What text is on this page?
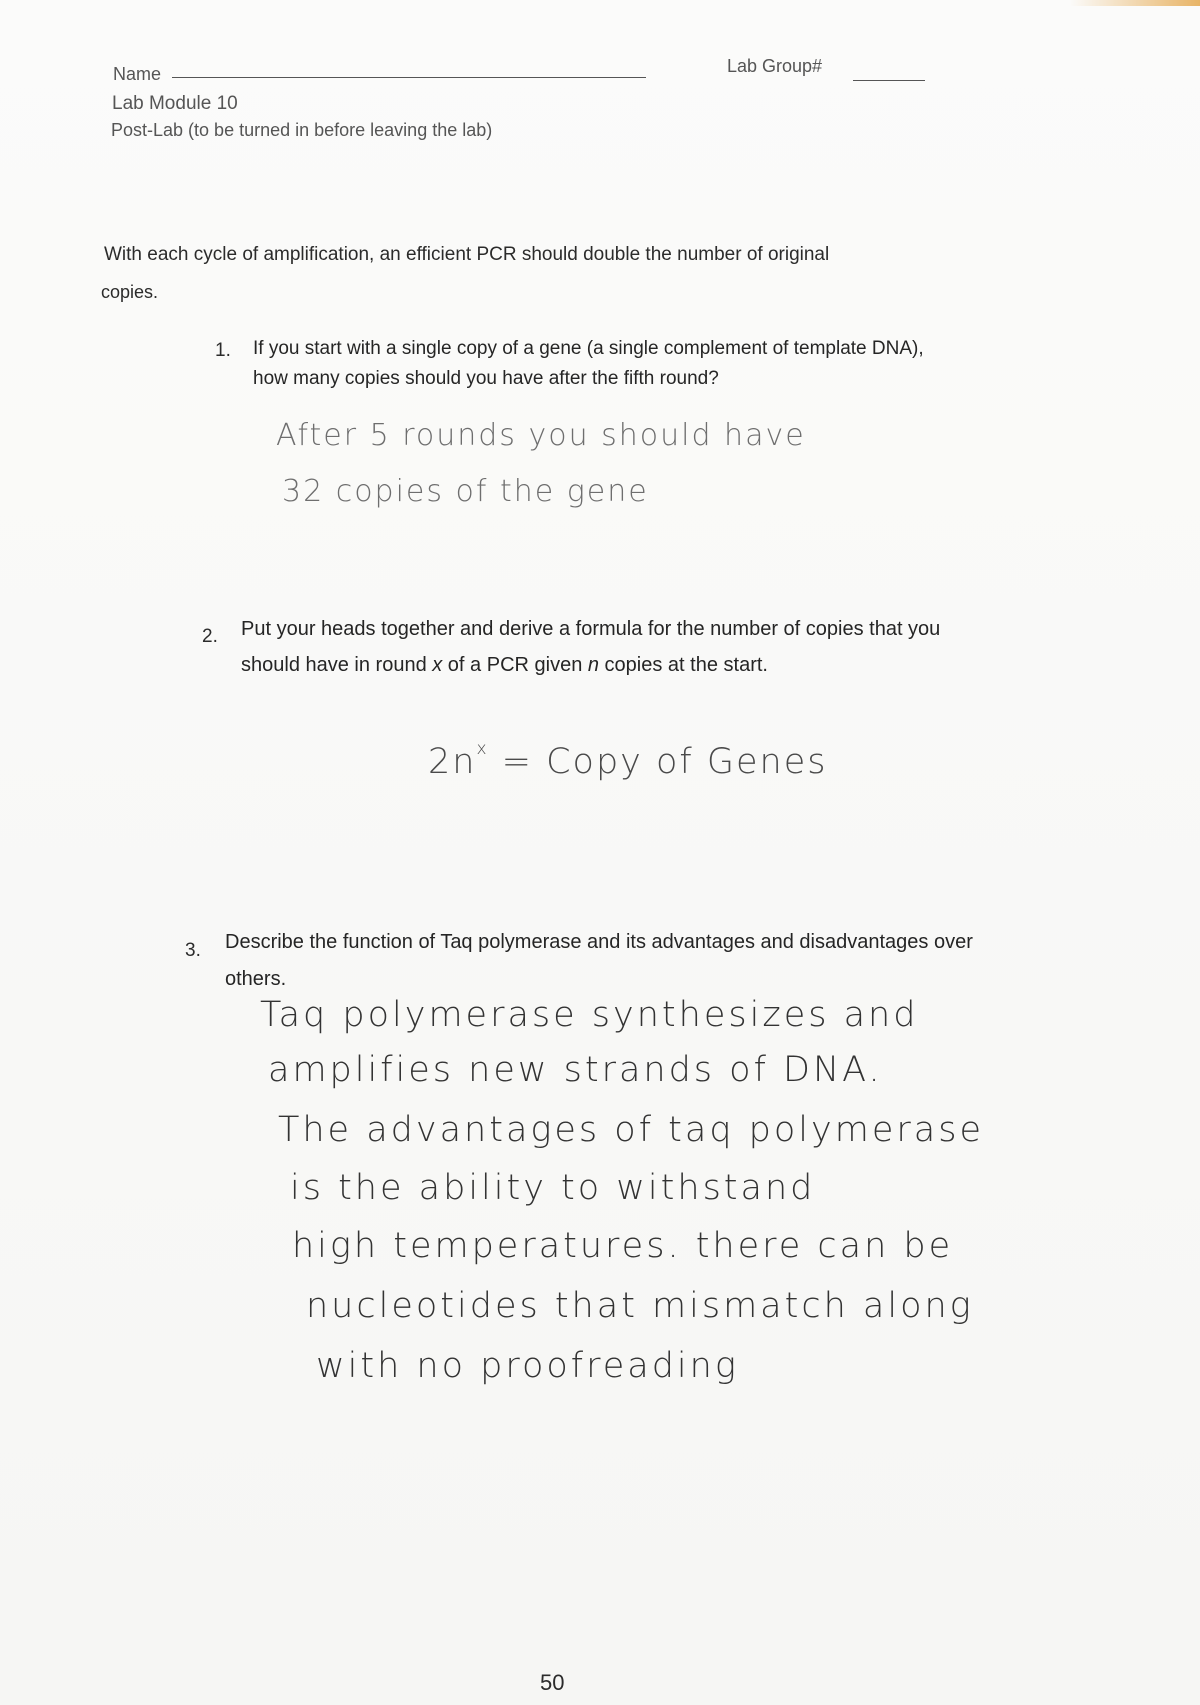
Name	Lab Group#
Lab Module 10
Post-Lab (to be turned in before leaving the lab)
With each cycle of amplification, an efficient PCR should double the number of original
copies.
1. If you start with a single copy of a gene (a single complement of template DNA),
how many copies should you have after the fifth round?
After 5 rounds you should have
32 copies of the gene
2. Put your heads together and derive a formula for the number of copies that you
should have in round x of a PCR given n copies at the start.
$2n^x$ = Copy of Genes
3. Describe the function of Taq polymerase and its advantages and disadvantages over
others.
Taq polymerase synthesizes and
amplifies new strands of DNA.
The advantages of taq polymerase
is the ability to withstand
high temperatures. there can be
nucleotides that mismatch along
with no proofreading
50
